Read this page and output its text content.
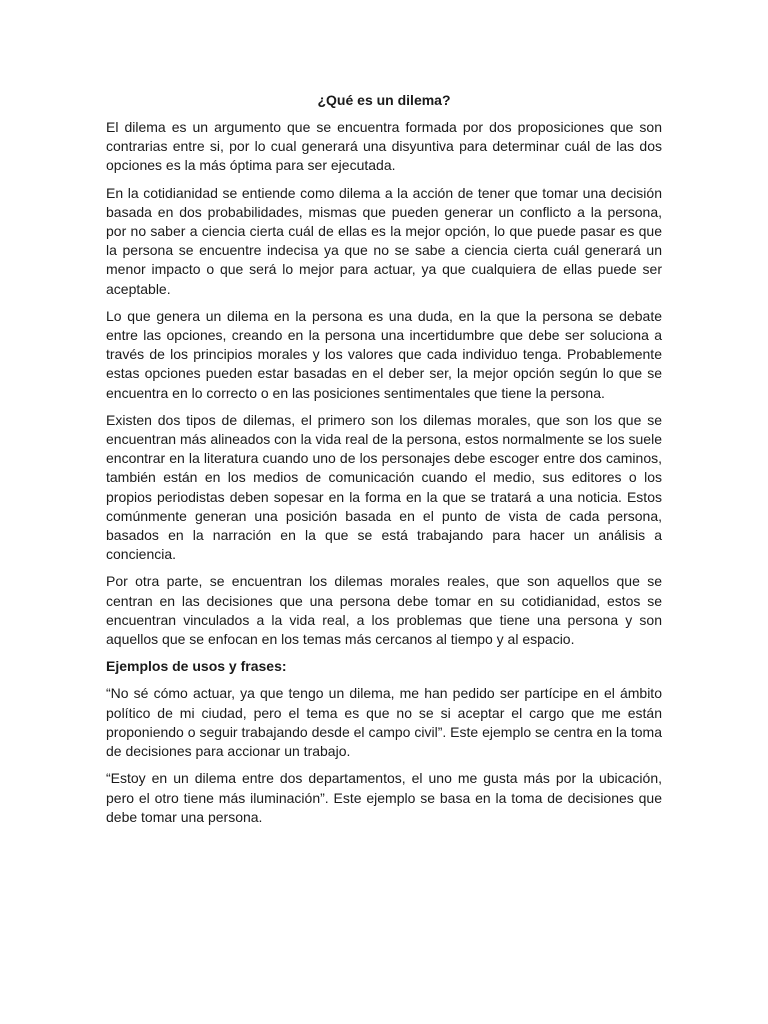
¿Qué es un dilema?

El dilema es un argumento que se encuentra formada por dos proposiciones que son contrarias entre si, por lo cual generará una disyuntiva para determinar cuál de las dos opciones es la más óptima para ser ejecutada.

En la cotidianidad se entiende como dilema a la acción de tener que tomar una decisión basada en dos probabilidades, mismas que pueden generar un conflicto a la persona, por no saber a ciencia cierta cuál de ellas es la mejor opción, lo que puede pasar es que la persona se encuentre indecisa ya que no se sabe a ciencia cierta cuál generará un menor impacto o que será lo mejor para actuar, ya que cualquiera de ellas puede ser aceptable.

Lo que genera un dilema en la persona es una duda, en la que la persona se debate entre las opciones, creando en la persona una incertidumbre que debe ser soluciona a través de los principios morales y los valores que cada individuo tenga. Probablemente estas opciones pueden estar basadas en el deber ser, la mejor opción según lo que se encuentra en lo correcto o en las posiciones sentimentales que tiene la persona.

Existen dos tipos de dilemas, el primero son los dilemas morales, que son los que se encuentran más alineados con la vida real de la persona, estos normalmente se los suele encontrar en la literatura cuando uno de los personajes debe escoger entre dos caminos, también están en los medios de comunicación cuando el medio, sus editores o los propios periodistas deben sopesar en la forma en la que se tratará a una noticia. Estos comúnmente generan una posición basada en el punto de vista de cada persona, basados en la narración en la que se está trabajando para hacer un análisis a conciencia.

Por otra parte, se encuentran los dilemas morales reales, que son aquellos que se centran en las decisiones que una persona debe tomar en su cotidianidad, estos se encuentran vinculados a la vida real, a los problemas que tiene una persona y son aquellos que se enfocan en los temas más cercanos al tiempo y al espacio.

Ejemplos de usos y frases:

“No sé cómo actuar, ya que tengo un dilema, me han pedido ser partícipe en el ámbito político de mi ciudad, pero el tema es que no se si aceptar el cargo que me están proponiendo o seguir trabajando desde el campo civil”. Este ejemplo se centra en la toma de decisiones para accionar un trabajo.

“Estoy en un dilema entre dos departamentos, el uno me gusta más por la ubicación, pero el otro tiene más iluminación”. Este ejemplo se basa en la toma de decisiones que debe tomar una persona.
